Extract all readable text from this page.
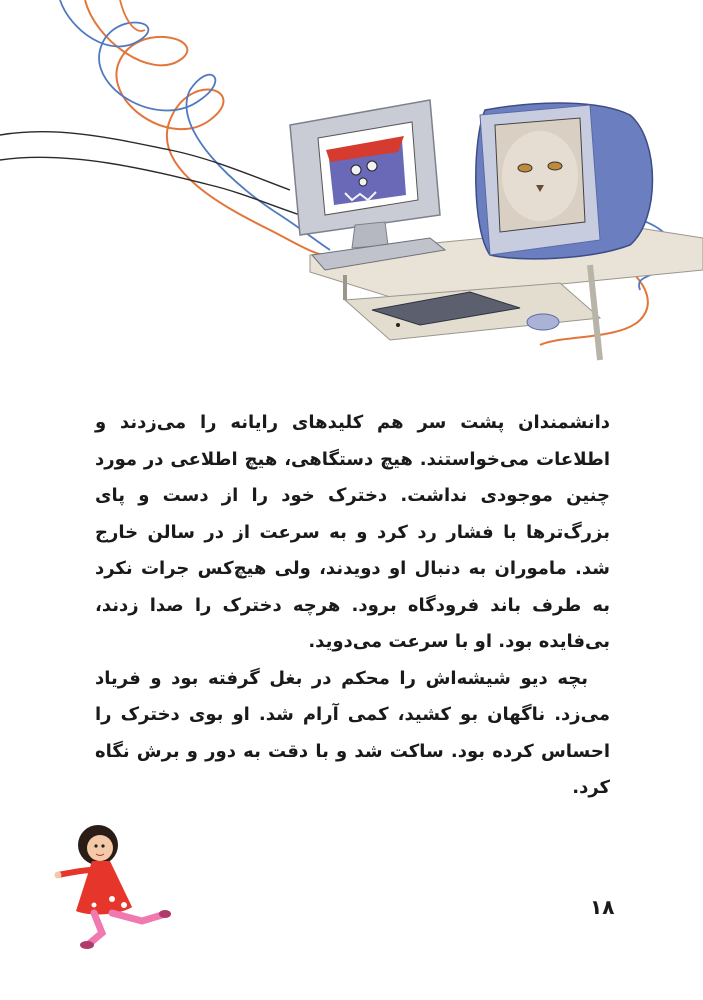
دانشمندان پشت سر هم کلیدهای رایانه را می‌زدند و اطلاعات می‌خواستند. هیچ دستگاهی، هیچ اطلاعی در مورد چنین موجودی نداشت. دخترک خود را از دست و پای بزرگ‌ترها با فشار رد کرد و به سرعت از در سالن خارج شد. ماموران به دنبال او دویدند، ولی هیچ‌کس جرات نکرد به طرف باند فرودگاه برود. هرچه دخترک را صدا زدند، بی‌فایده بود. او با سرعت می‌دوید.

بچه دیو شیشه‌اش را محکم در بغل گرفته بود و فریاد می‌زد. ناگهان بو کشید، کمی آرام شد. او بوی دخترک را احساس کرده بود. ساکت شد و با دقت به دور و برش نگاه کرد.

۱۸
